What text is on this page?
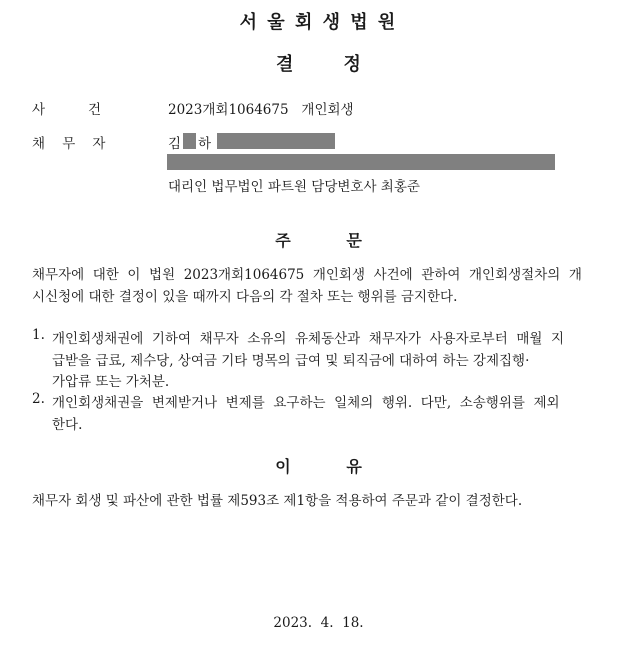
서 울 회 생 법 원
결        정
사          건	2023개회1064675   개인회생
채    무    자	김 하
대리인 법무법인 파트원 담당변호사 최홍준
주          문
채무자에  대한  이  법원  2023개회1064675  개인회생  사건에  관하여  개인회생절차의  개
시신청에 대한 결정이 있을 때까지 다음의 각 절차 또는 행위를 금지한다.
1. 개인회생채권에  기하여  채무자  소유의  유체동산과  채무자가  사용자로부터  매월  지
급받을 급료, 제수당, 상여금 기타 명목의 급여 및 퇴직금에 대하여 하는 강제집행·
가압류 또는 가처분.
2. 개인회생채권을  변제받거나  변제를  요구하는  일체의  행위.  다만,  소송행위를  제외
한다.
이          유
채무자 회생 및 파산에 관한 법률 제593조 제1항을 적용하여 주문과 같이 결정한다.
2023.  4.  18.
